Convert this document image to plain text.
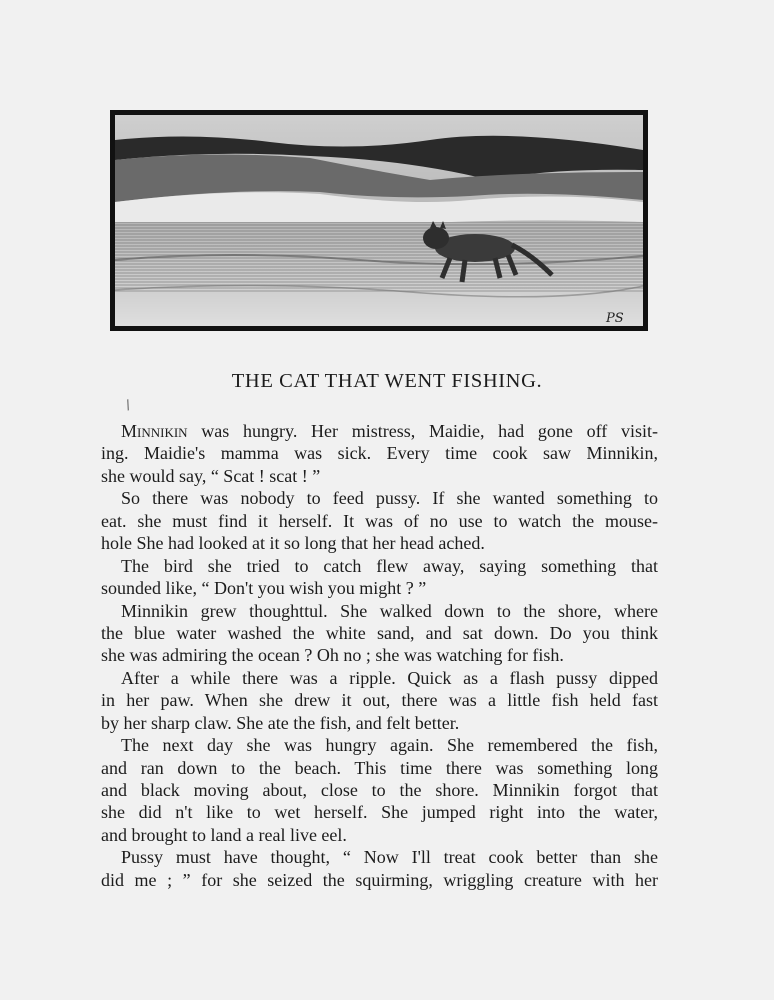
PS
THE CAT THAT WENT FISHING.
/
Minnikin was hungry. Her mistress, Maidie, had gone off visit-
ing. Maidie's mamma was sick. Every time cook saw Minnikin,
she would say, “ Scat ! scat ! ”
So there was nobody to feed pussy. If she wanted something to
eat. she must find it herself. It was of no use to watch the mouse-
hole She had looked at it so long that her head ached.
The bird she tried to catch flew away, saying something that
sounded like, “ Don't you wish you might ? ”
Minnikin grew thoughttul. She walked down to the shore, where
the blue water washed the white sand, and sat down. Do you think
she was admiring the ocean ? Oh no ; she was watching for fish.
After a while there was a ripple. Quick as a flash pussy dipped
in her paw. When she drew it out, there was a little fish held fast
by her sharp claw. She ate the fish, and felt better.
The next day she was hungry again. She remembered the fish,
and ran down to the beach. This time there was something long
and black moving about, close to the shore. Minnikin forgot that
she did n't like to wet herself. She jumped right into the water,
and brought to land a real live eel.
Pussy must have thought, “ Now I'll treat cook better than she
did me ; ” for she seized the squirming, wriggling creature with her
